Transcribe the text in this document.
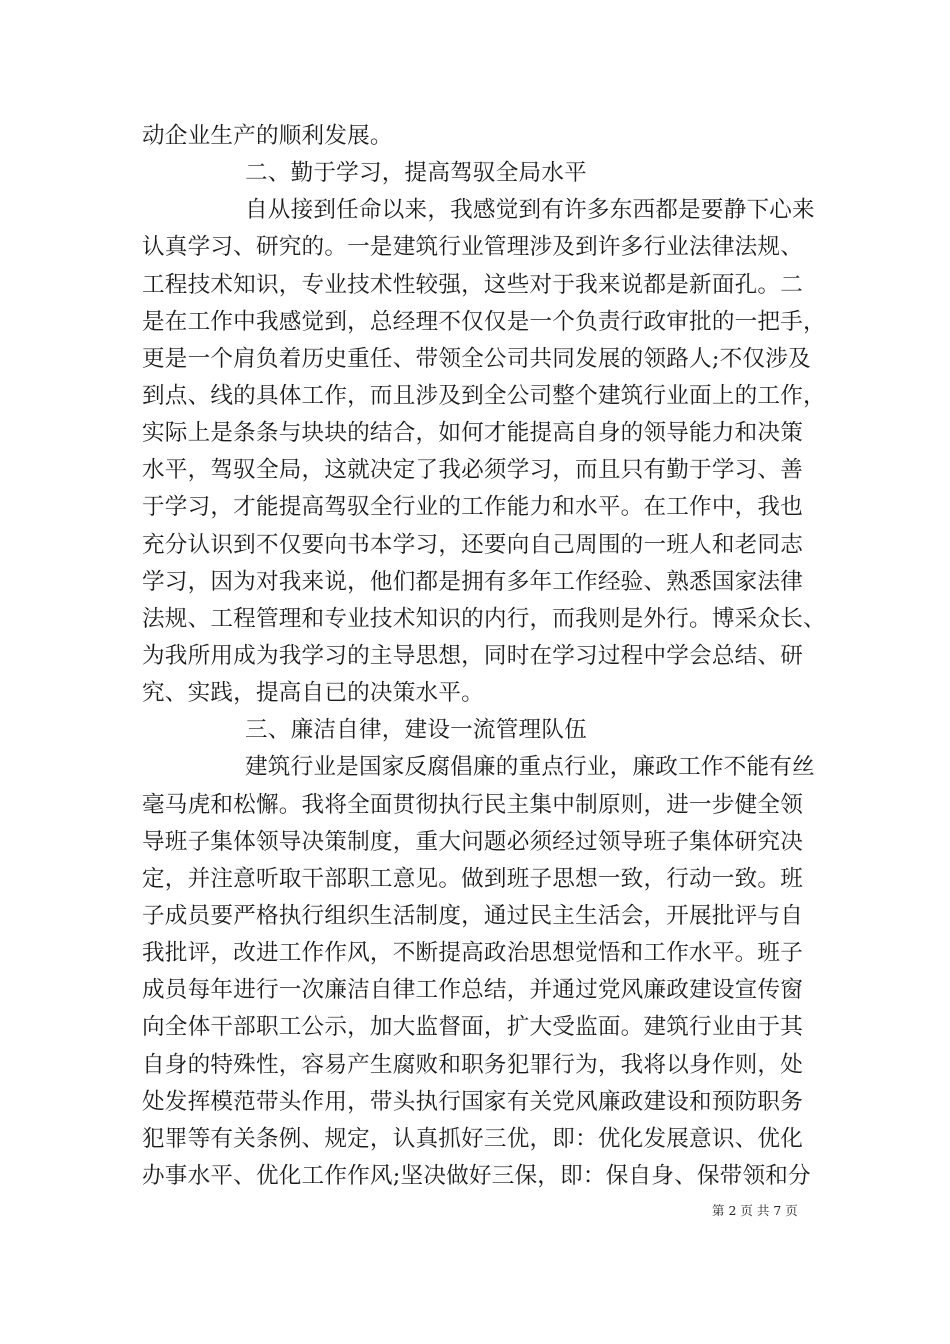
动企业生产的顺利发展。
二、勤于学习，提高驾驭全局水平
自从接到任命以来，我感觉到有许多东西都是要静下心来
认真学习、研究的。一是建筑行业管理涉及到许多行业法律法规、
工程技术知识，专业技术性较强，这些对于我来说都是新面孔。二
是在工作中我感觉到，总经理不仅仅是一个负责行政审批的一把手，
更是一个肩负着历史重任、带领全公司共同发展的领路人;不仅涉及
到点、线的具体工作，而且涉及到全公司整个建筑行业面上的工作，
实际上是条条与块块的结合，如何才能提高自身的领导能力和决策
水平，驾驭全局，这就决定了我必须学习，而且只有勤于学习、善
于学习，才能提高驾驭全行业的工作能力和水平。在工作中，我也
充分认识到不仅要向书本学习，还要向自己周围的一班人和老同志
学习，因为对我来说，他们都是拥有多年工作经验、熟悉国家法律
法规、工程管理和专业技术知识的内行，而我则是外行。博采众长、
为我所用成为我学习的主导思想，同时在学习过程中学会总结、研
究、实践，提高自已的决策水平。
三、廉洁自律，建设一流管理队伍
建筑行业是国家反腐倡廉的重点行业，廉政工作不能有丝
毫马虎和松懈。我将全面贯彻执行民主集中制原则，进一步健全领
导班子集体领导决策制度，重大问题必须经过领导班子集体研究决
定，并注意听取干部职工意见。做到班子思想一致，行动一致。班
子成员要严格执行组织生活制度，通过民主生活会，开展批评与自
我批评，改进工作作风，不断提高政治思想觉悟和工作水平。班子
成员每年进行一次廉洁自律工作总结，并通过党风廉政建设宣传窗
向全体干部职工公示，加大监督面，扩大受监面。建筑行业由于其
自身的特殊性，容易产生腐败和职务犯罪行为，我将以身作则，处
处发挥模范带头作用，带头执行国家有关党风廉政建设和预防职务
犯罪等有关条例、规定，认真抓好三优，即：优化发展意识、优化
办事水平、优化工作作风;坚决做好三保，即：保自身、保带领和分
第 2 页 共 7 页
